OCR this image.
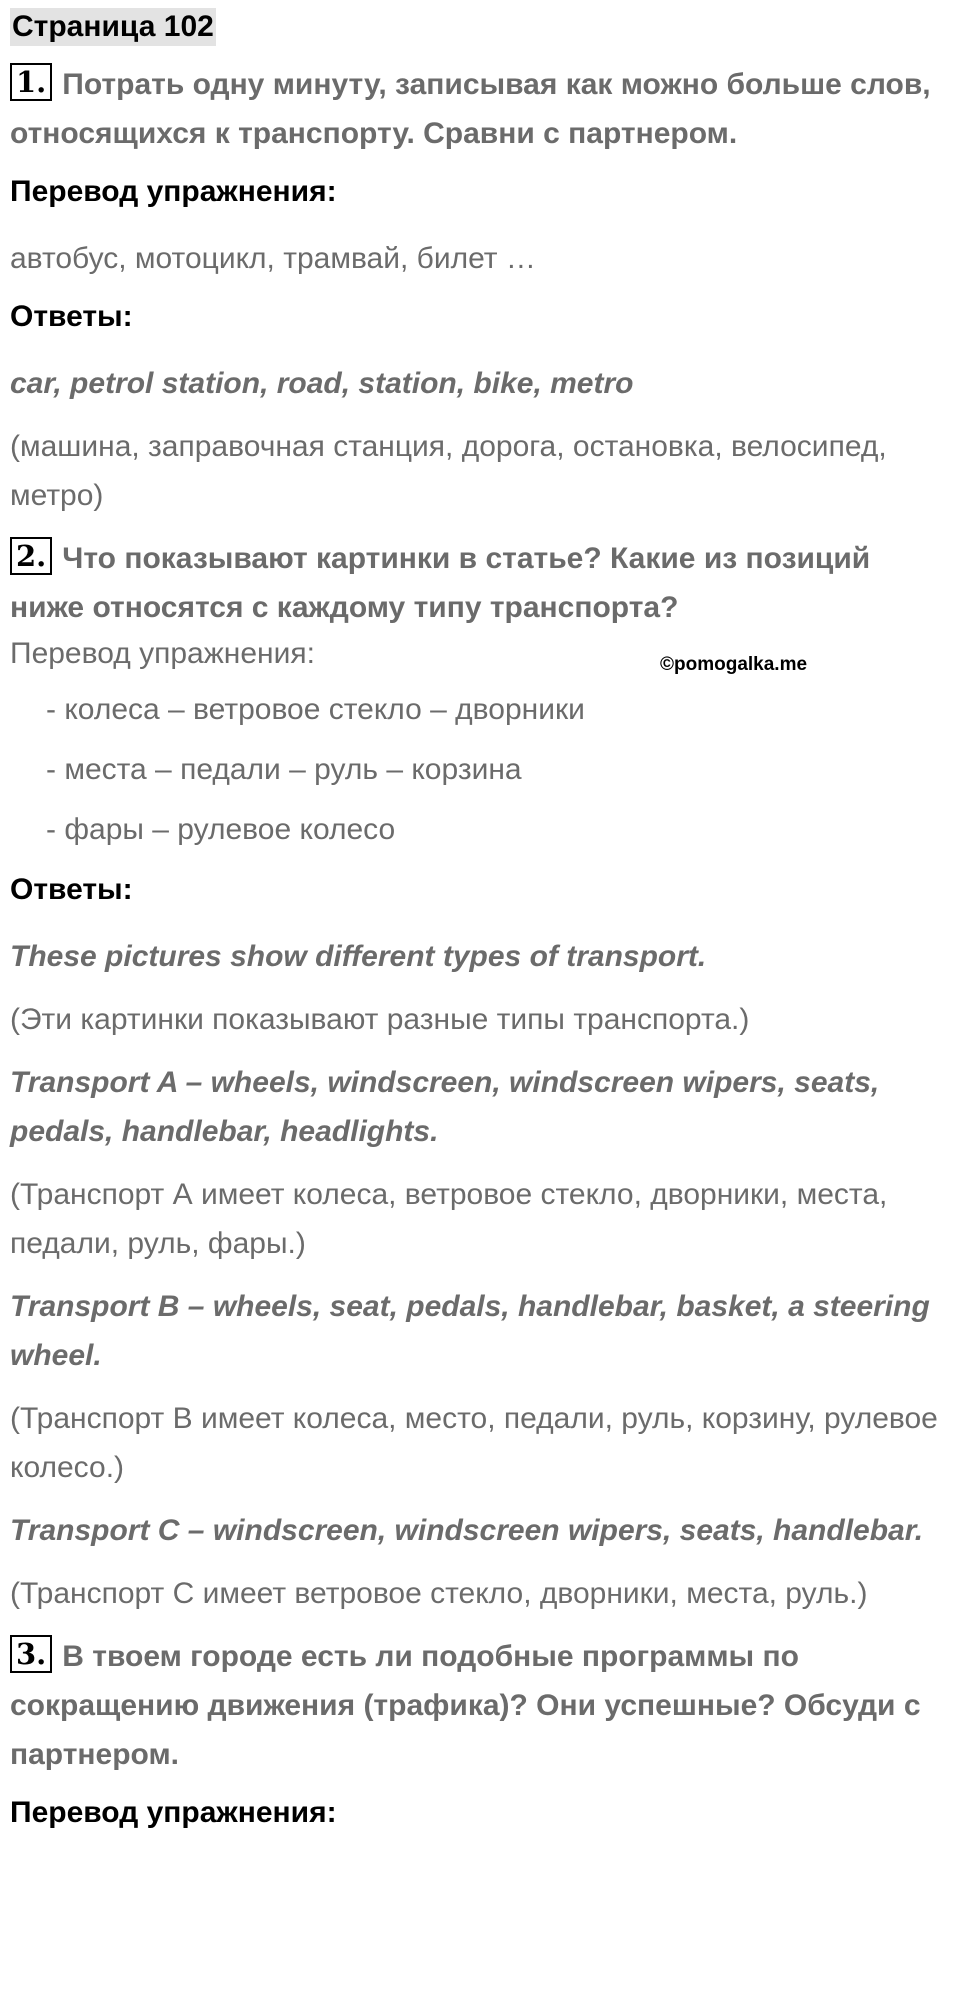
Страница 102
1. Потрать одну минуту, записывая как можно больше слов, относящихся к транспорту. Сравни с партнером.
Перевод упражнения:

автобус, мотоцикл, трамвай, билет …

Ответы:

car, petrol station, road, station, bike, metro

(машина, заправочная станция, дорога, остановка, велосипед, метро)

2. Что показывают картинки в статье? Какие из позиций ниже относятся с каждому типу транспорта?
©pomogalka.me

Перевод упражнения:

- колеса – ветровое стекло – дворники

- места – педали – руль – корзина

- фары – рулевое колесо

Ответы:

These pictures show different types of transport.

(Эти картинки показывают разные типы транспорта.)

Transport A – wheels, windscreen, windscreen wipers, seats, pedals, handlebar, headlights.

(Транспорт А имеет колеса, ветровое стекло, дворники, места, педали, руль, фары.)

Transport B – wheels, seat, pedals, handlebar, basket, a steering wheel.

(Транспорт В имеет колеса, место, педали, руль, корзину, рулевое колесо.)

Transport C – windscreen, windscreen wipers, seats, handlebar.

(Транспорт С имеет ветровое стекло, дворники, места, руль.)

3. В твоем городе есть ли подобные программы по сокращению движения (трафика)? Они успешные? Обсуди с партнером.
Перевод упражнения:
